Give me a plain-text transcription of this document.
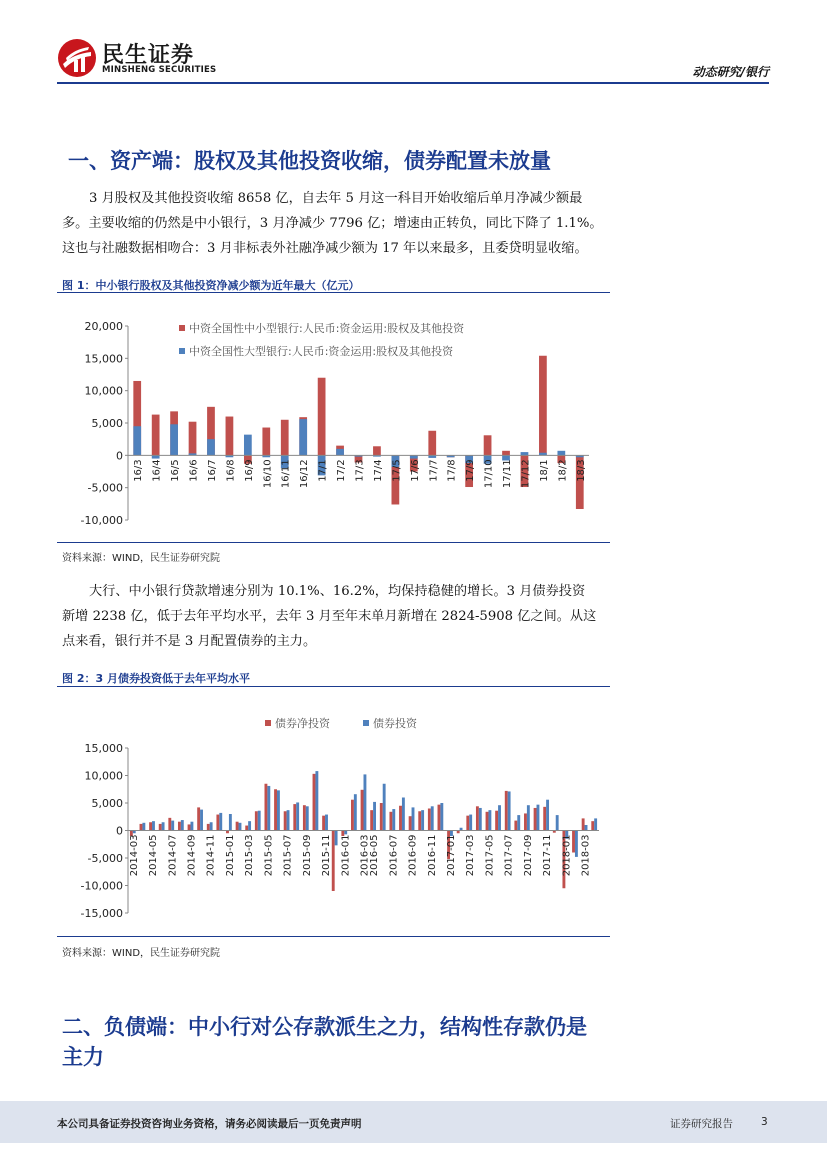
民生证券
MINSHENG SECURITIES	动态研究/银行
一、资产端：股权及其他投资收缩，债券配置未放量
3 月股权及其他投资收缩 8658 亿，自去年 5 月这一科目开始收缩后单月净减少额最
多。主要收缩的仍然是中小银行，3 月净减少 7796 亿；增速由正转负，同比下降了 1.1%。
这也与社融数据相吻合：3 月非标表外社融净减少额为 17 年以来最多，且委贷明显收缩。
图 1：中小银行股权及其他投资净减少额为近年最大（亿元）
20,000
15,000
10,000
5,000
0
-5,000
-10,000
16/3 16/4 16/5 16/6 16/7 16/8 16/9 16/10 16/11 16/12 17/1 17/2 17/3 17/4 17/5 17/6 17/7 17/8 17/9 17/10 17/11 17/12 18/1 18/2 18/3
中资全国性中小型银行:人民币:资金运用:股权及其他投资
中资全国性大型银行:人民币:资金运用:股权及其他投资
资料来源：WIND，民生证券研究院
大行、中小银行贷款增速分别为 10.1%、16.2%，均保持稳健的增长。3 月债券投资
新增 2238 亿，低于去年平均水平，去年 3 月至年末单月新增在 2824-5908 亿之间。从这
点来看，银行并不是 3 月配置债券的主力。
图 2：3 月债券投资低于去年平均水平
15,000
10,000
5,000
0
-5,000
-10,000
-15,000
2014-03 2014-05 2014-07 2014-09 2014-11 2015-01 2015-03 2015-05 2015-07 2015-09 2015-11 2016-01 2016-03
2016-05 2016-07 2016-09 2016-11 2017-01 2017-03 2017-05 2017-07 2017-09 2017-11 2018-01 2018-03
债券净投资	债券投资
资料来源：WIND，民生证券研究院
二、负债端：中小行对公存款派生之力，结构性存款仍是
主力
本公司具备证券投资咨询业务资格，请务必阅读最后一页免责声明	证券研究报告	3
